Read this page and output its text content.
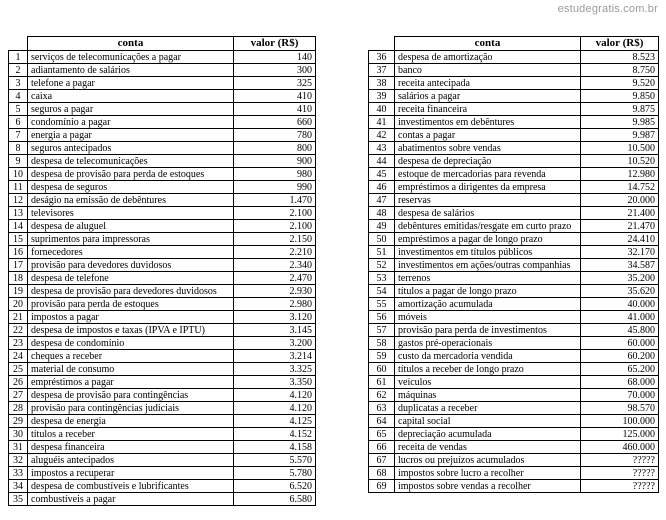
estudegratis.com.br
	conta	valor (R$)
1	serviços de telecomunicações a pagar	140
2	adiantamento de salários	300
3	telefone a pagar	325
4	caixa	410
5	seguros a pagar	410
6	condomínio a pagar	660
7	energia a pagar	780
8	seguros antecipados	800
9	despesa de telecomunicações	900
10	despesa de provisão para perda de estoques	980
11	despesa de seguros	990
12	deságio na emissão de debêntures	1.470
13	televisores	2.100
14	despesa de aluguel	2.100
15	suprimentos para impressoras	2.150
16	fornecedores	2.210
17	provisão para devedores duvidosos	2.340
18	despesa de telefone	2.470
19	despesa de provisão para devedores duvidosos	2.930
20	provisão para perda de estoques	2.980
21	impostos a pagar	3.120
22	despesa de impostos e taxas (IPVA e IPTU)	3.145
23	despesa de condomínio	3.200
24	cheques a receber	3.214
25	material de consumo	3.325
26	empréstimos a pagar	3.350
27	despesa de provisão para contingências	4.120
28	provisão para contingências judiciais	4.120
29	despesa de energia	4.125
30	títulos a receber	4.152
31	despesa financeira	4.158
32	aluguéis antecipados	5.570
33	impostos a recuperar	5.780
34	despesa de combustíveis e lubrificantes	6.520
35	combustíveis a pagar	6.580
	conta	valor (R$)
36	despesa de amortização	8.523
37	banco	8.750
38	receita antecipada	9.520
39	salários a pagar	9.850
40	receita financeira	9.875
41	investimentos em debêntures	9.985
42	contas a pagar	9.987
43	abatimentos sobre vendas	10.500
44	despesa de depreciação	10.520
45	estoque de mercadorias para revenda	12.980
46	empréstimos a dirigentes da empresa	14.752
47	reservas	20.000
48	despesa de salários	21.400
49	debêntures emitidas/resgate em curto prazo	21.470
50	empréstimos a pagar de longo prazo	24.410
51	investimentos em títulos públicos	32.170
52	investimentos em ações/outras companhias	34.587
53	terrenos	35.200
54	títulos a pagar de longo prazo	35.620
55	amortização acumulada	40.000
56	móveis	41.000
57	provisão para perda de investimentos	45.800
58	gastos pré-operacionais	60.000
59	custo da mercadoria vendida	60.200
60	títulos a receber de longo prazo	65.200
61	veículos	68.000
62	máquinas	70.000
63	duplicatas a receber	98.570
64	capital social	100.000
65	depreciação acumulada	125.000
66	receita de vendas	460.000
67	lucros ou prejuízos acumulados	?????
68	impostos sobre lucro a recolher	?????
69	impostos sobre vendas a recolher	?????
